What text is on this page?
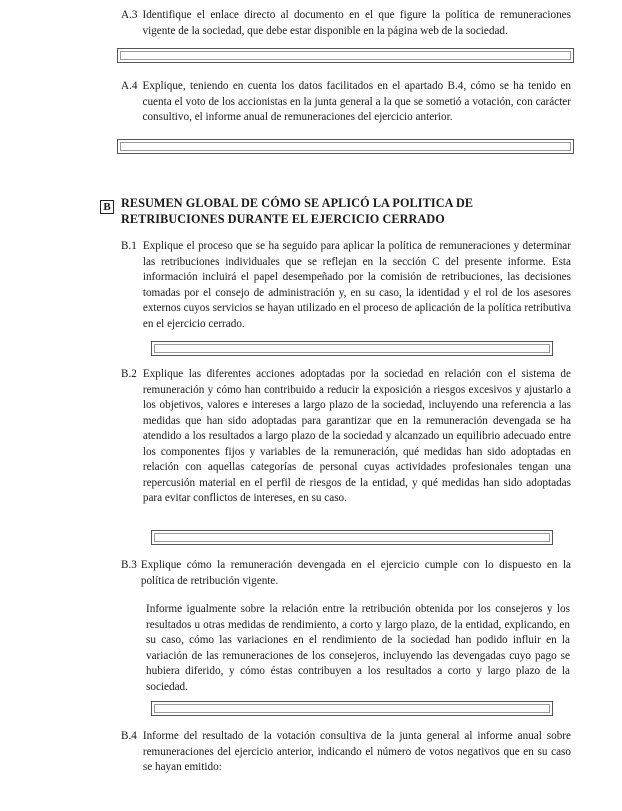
A.3 Identifique el enlace directo al documento en el que figure la política de remuneraciones vigente de la sociedad, que debe estar disponible en la página web de la sociedad.
A.4 Explique, teniendo en cuenta los datos facilitados en el apartado B.4, cómo se ha tenido en cuenta el voto de los accionistas en la junta general a la que se sometió a votación, con carácter consultivo, el informe anual de remuneraciones del ejercicio anterior.
B RESUMEN GLOBAL DE CÓMO SE APLICÓ LA POLITICA DE RETRIBUCIONES DURANTE EL EJERCICIO CERRADO
B.1 Explique el proceso que se ha seguido para aplicar la política de remuneraciones y determinar las retribuciones individuales que se reflejan en la sección C del presente informe. Esta información incluirá el papel desempeñado por la comisión de retribuciones, las decisiones tomadas por el consejo de administración y, en su caso, la identidad y el rol de los asesores externos cuyos servicios se hayan utilizado en el proceso de aplicación de la política retributiva en el ejercicio cerrado.
B.2 Explique las diferentes acciones adoptadas por la sociedad en relación con el sistema de remuneración y cómo han contribuido a reducir la exposición a riesgos excesivos y ajustarlo a los objetivos, valores e intereses a largo plazo de la sociedad, incluyendo una referencia a las medidas que han sido adoptadas para garantizar que en la remuneración devengada se ha atendido a los resultados a largo plazo de la sociedad y alcanzado un equilibrio adecuado entre los componentes fijos y variables de la remuneración, qué medidas han sido adoptadas en relación con aquellas categorías de personal cuyas actividades profesionales tengan una repercusión material en el perfil de riesgos de la entidad, y qué medidas han sido adoptadas para evitar conflictos de intereses, en su caso.
B.3 Explique cómo la remuneración devengada en el ejercicio cumple con lo dispuesto en la política de retribución vigente.
Informe igualmente sobre la relación entre la retribución obtenida por los consejeros y los resultados u otras medidas de rendimiento, a corto y largo plazo, de la entidad, explicando, en su caso, cómo las variaciones en el rendimiento de la sociedad han podido influir en la variación de las remuneraciones de los consejeros, incluyendo las devengadas cuyo pago se hubiera diferido, y cómo éstas contribuyen a los resultados a corto y largo plazo de la sociedad.
B.4 Informe del resultado de la votación consultiva de la junta general al informe anual sobre remuneraciones del ejercicio anterior, indicando el número de votos negativos que en su caso se hayan emitido:
